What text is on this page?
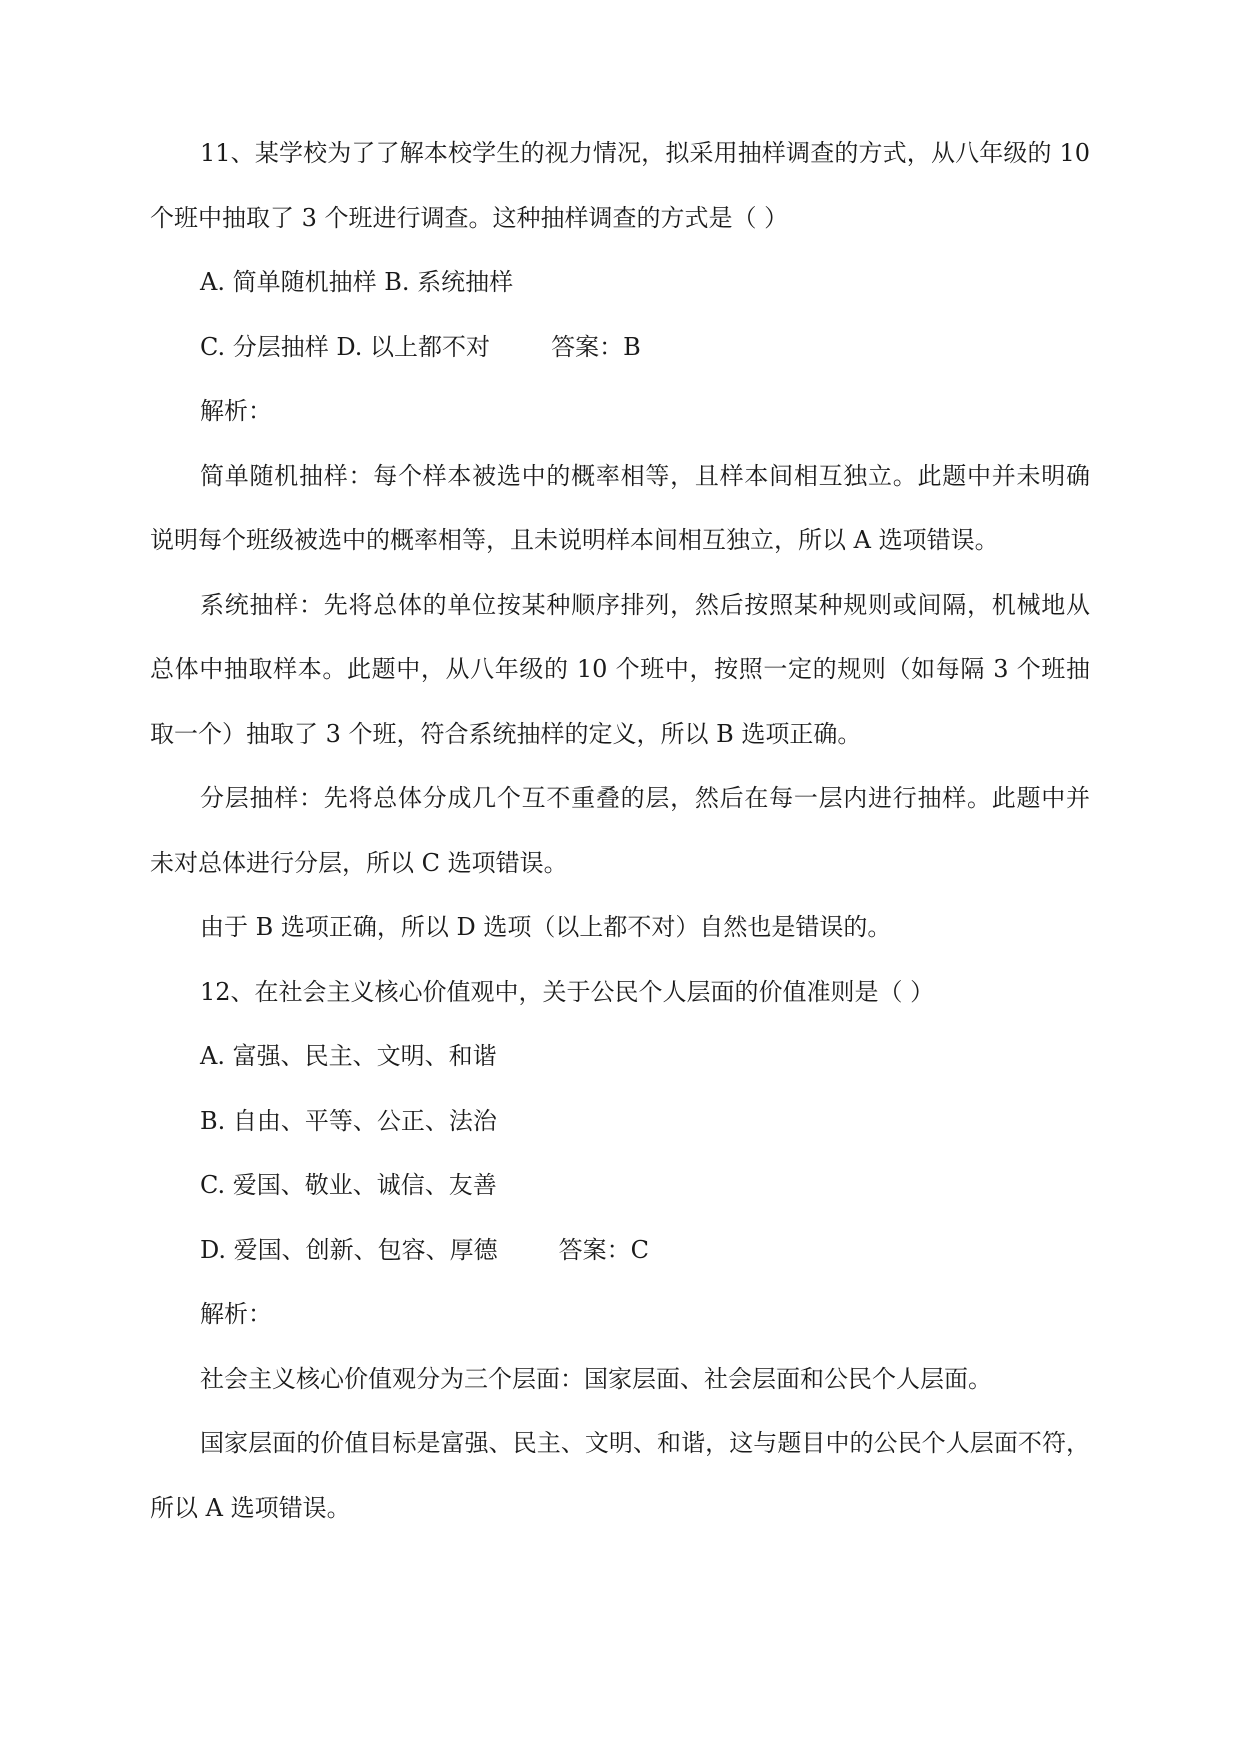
11、某学校为了了解本校学生的视力情况，拟采用抽样调查的方式，从八年级的 10

个班中抽取了 3 个班进行调查。这种抽样调查的方式是（ ）

A. 简单随机抽样 B. 系统抽样

C. 分层抽样 D. 以上都不对        答案：B

解析：

简单随机抽样：每个样本被选中的概率相等，且样本间相互独立。此题中并未明确

说明每个班级被选中的概率相等，且未说明样本间相互独立，所以 A 选项错误。

系统抽样：先将总体的单位按某种顺序排列，然后按照某种规则或间隔，机械地从

总体中抽取样本。此题中，从八年级的 10 个班中，按照一定的规则（如每隔 3 个班抽

取一个）抽取了 3 个班，符合系统抽样的定义，所以 B 选项正确。

分层抽样：先将总体分成几个互不重叠的层，然后在每一层内进行抽样。此题中并

未对总体进行分层，所以 C 选项错误。

由于 B 选项正确，所以 D 选项（以上都不对）自然也是错误的。

12、在社会主义核心价值观中，关于公民个人层面的价值准则是（ ）

A. 富强、民主、文明、和谐

B. 自由、平等、公正、法治

C. 爱国、敬业、诚信、友善

D. 爱国、创新、包容、厚德        答案：C

解析：

社会主义核心价值观分为三个层面：国家层面、社会层面和公民个人层面。

国家层面的价值目标是富强、民主、文明、和谐，这与题目中的公民个人层面不符，

所以 A 选项错误。
